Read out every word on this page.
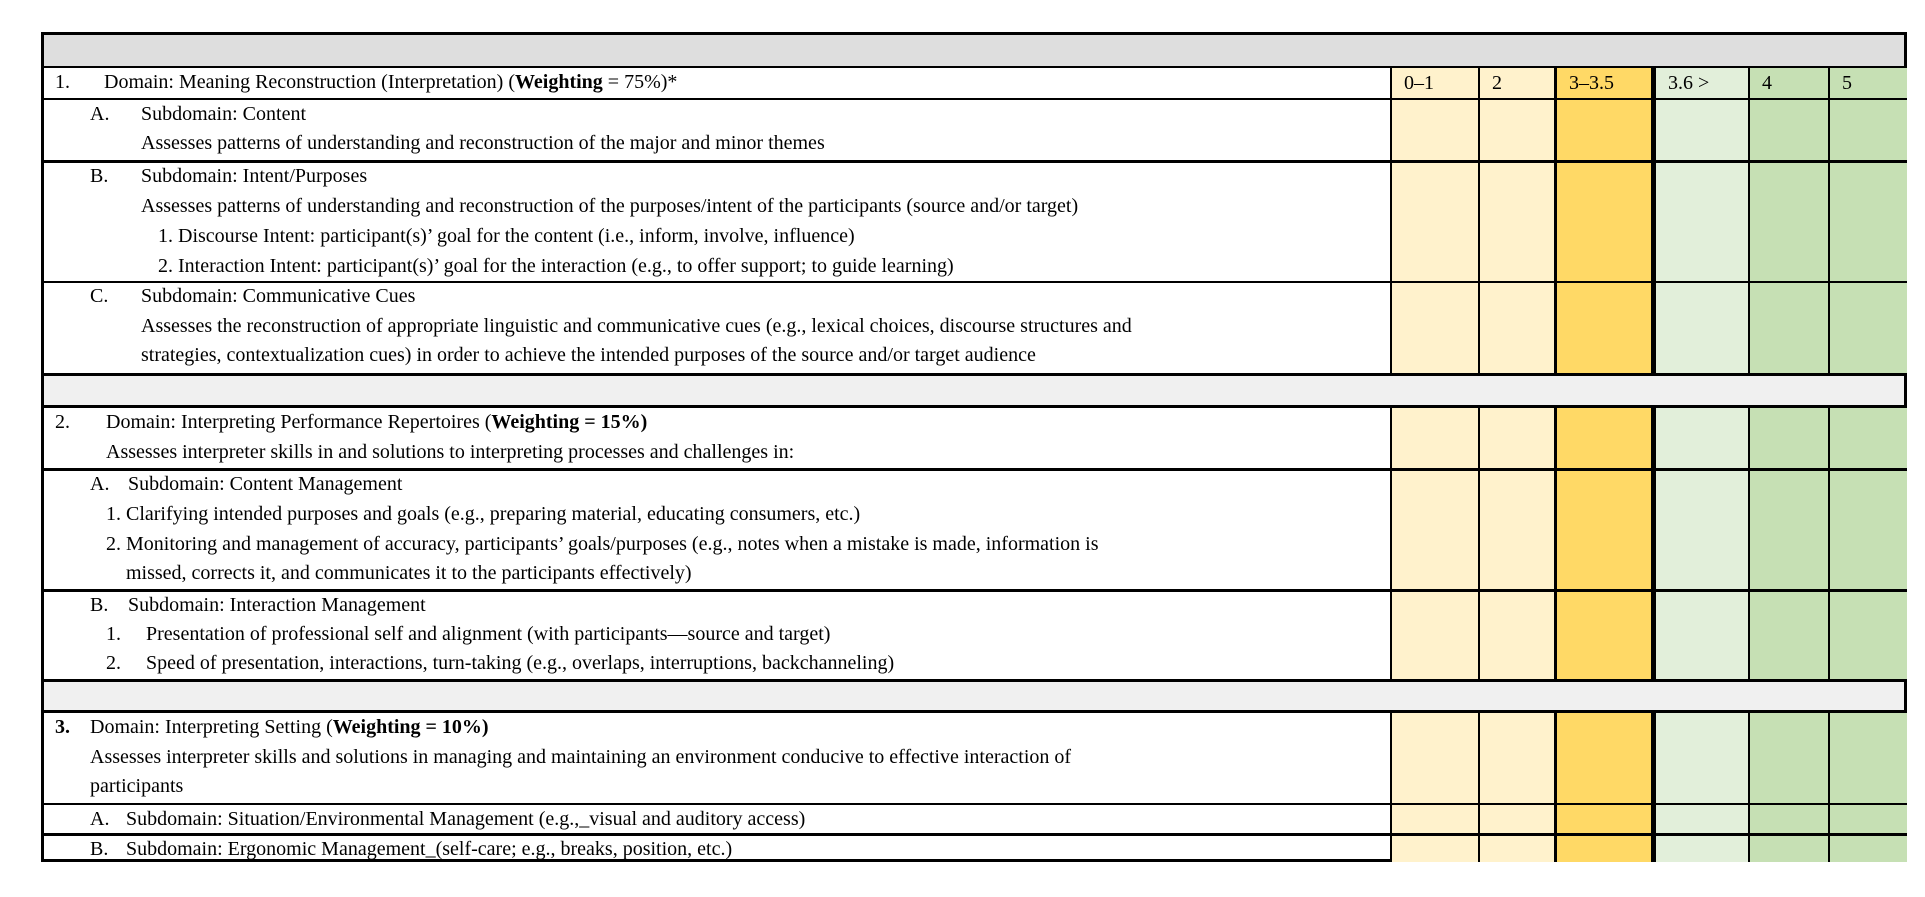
1. Domain: Meaning Reconstruction (Interpretation) (Weighting = 75%)*	0–1	2	3–3.5	3.6 >	4	5
A. Subdomain: Content
Assesses patterns of understanding and reconstruction of the major and minor themes
B. Subdomain: Intent/Purposes
Assesses patterns of understanding and reconstruction of the purposes/intent of the participants (source and/or target)
1. Discourse Intent: participant(s)’ goal for the content (i.e., inform, involve, influence)
2. Interaction Intent: participant(s)’ goal for the interaction (e.g., to offer support; to guide learning)
C. Subdomain: Communicative Cues
Assesses the reconstruction of appropriate linguistic and communicative cues (e.g., lexical choices, discourse structures and
strategies, contextualization cues) in order to achieve the intended purposes of the source and/or target audience
2. Domain: Interpreting Performance Repertoires (Weighting = 15%)
Assesses interpreter skills in and solutions to interpreting processes and challenges in:
A. Subdomain: Content Management
1. Clarifying intended purposes and goals (e.g., preparing material, educating consumers, etc.)
2. Monitoring and management of accuracy, participants’ goals/purposes (e.g., notes when a mistake is made, information is
missed, corrects it, and communicates it to the participants effectively)
B. Subdomain: Interaction Management
1. Presentation of professional self and alignment (with participants—source and target)
2. Speed of presentation, interactions, turn-taking (e.g., overlaps, interruptions, backchanneling)
3. Domain: Interpreting Setting (Weighting = 10%)
Assesses interpreter skills and solutions in managing and maintaining an environment conducive to effective interaction of
participants
A. Subdomain: Situation/Environmental Management (e.g.,_visual and auditory access)
B. Subdomain: Ergonomic Management_(self-care; e.g., breaks, position, etc.)
